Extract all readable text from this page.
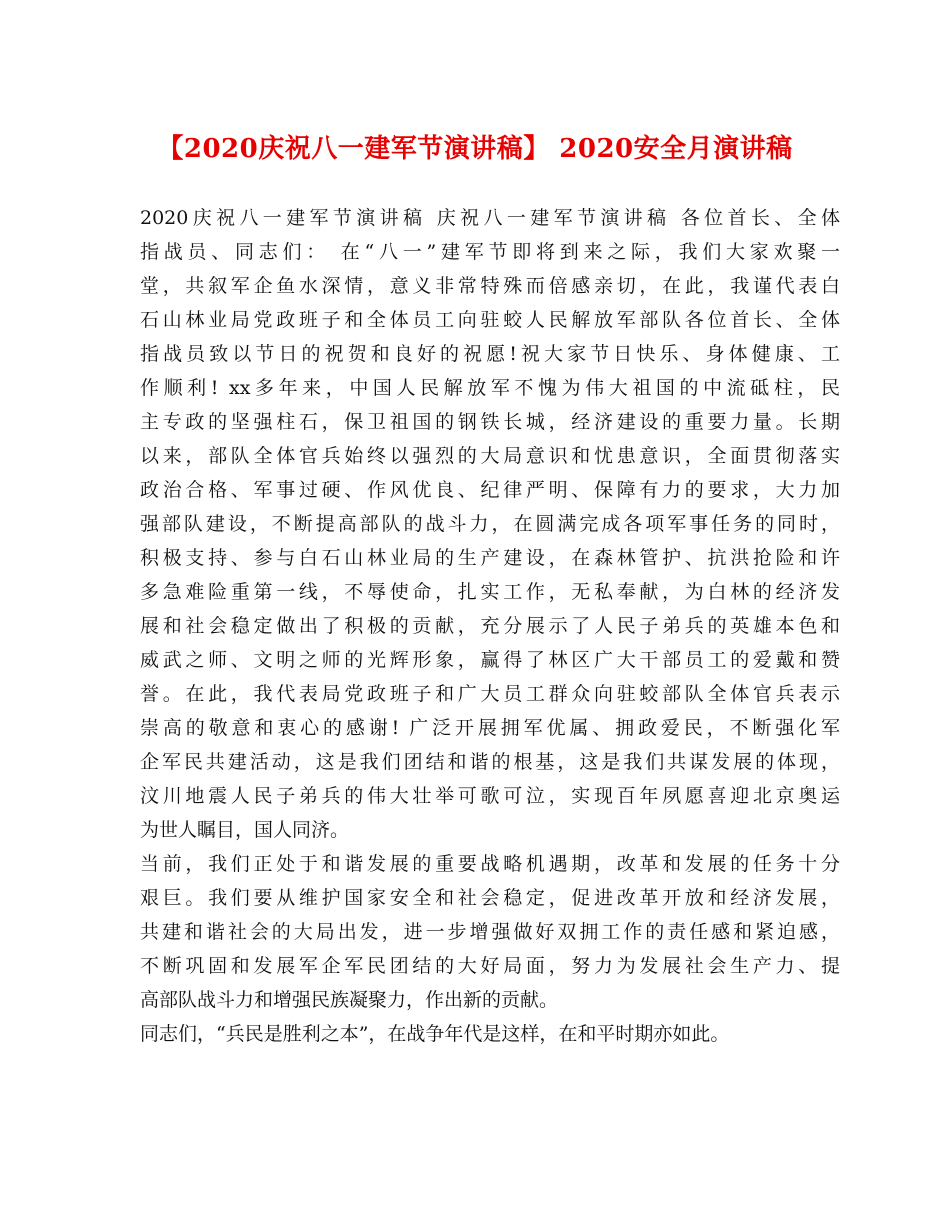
【2020庆祝八一建军节演讲稿】 2020安全月演讲稿
2020庆祝八一建军节演讲稿 庆祝八一建军节演讲稿 各位首长、全体
指战员、同志们： 在“八一”建军节即将到来之际，我们大家欢聚一
堂，共叙军企鱼水深情，意义非常特殊而倍感亲切，在此，我谨代表白
石山林业局党政班子和全体员工向驻蛟人民解放军部队各位首长、全体
指战员致以节日的祝贺和良好的祝愿!祝大家节日快乐、身体健康、工
作顺利! xx多年来，中国人民解放军不愧为伟大祖国的中流砥柱，民
主专政的坚强柱石，保卫祖国的钢铁长城，经济建设的重要力量。长期
以来，部队全体官兵始终以强烈的大局意识和忧患意识，全面贯彻落实
政治合格、军事过硬、作风优良、纪律严明、保障有力的要求，大力加
强部队建设，不断提高部队的战斗力，在圆满完成各项军事任务的同时，
积极支持、参与白石山林业局的生产建设，在森林管护、抗洪抢险和许
多急难险重第一线，不辱使命，扎实工作，无私奉献，为白林的经济发
展和社会稳定做出了积极的贡献，充分展示了人民子弟兵的英雄本色和
威武之师、文明之师的光辉形象，赢得了林区广大干部员工的爱戴和赞
誉。在此，我代表局党政班子和广大员工群众向驻蛟部队全体官兵表示
崇高的敬意和衷心的感谢! 广泛开展拥军优属、拥政爱民，不断强化军
企军民共建活动，这是我们团结和谐的根基，这是我们共谋发展的体现，
汶川地震人民子弟兵的伟大壮举可歌可泣，实现百年夙愿喜迎北京奥运
为世人瞩目，国人同济。
当前，我们正处于和谐发展的重要战略机遇期，改革和发展的任务十分
艰巨。我们要从维护国家安全和社会稳定，促进改革开放和经济发展，
共建和谐社会的大局出发，进一步增强做好双拥工作的责任感和紧迫感，
不断巩固和发展军企军民团结的大好局面，努力为发展社会生产力、提
高部队战斗力和增强民族凝聚力，作出新的贡献。
同志们，“兵民是胜利之本”，在战争年代是这样，在和平时期亦如此。
